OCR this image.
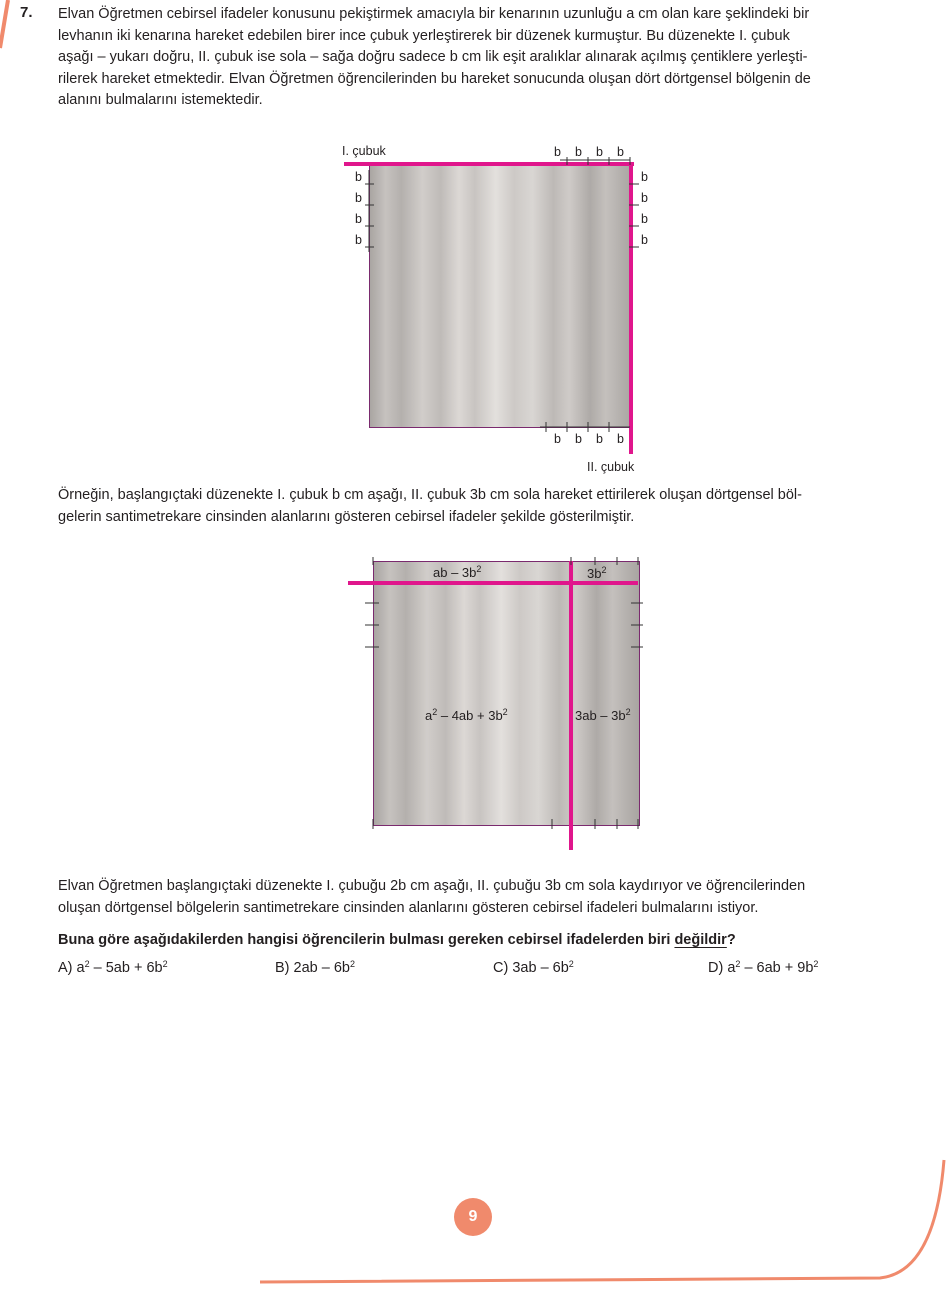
7. Elvan Öğretmen cebirsel ifadeler konusunu pekiştirmek amacıyla bir kenarının uzunluğu a cm olan kare şeklindeki bir
levhanın iki kenarına hareket edebilen birer ince çubuk yerleştirerek bir düzenek kurmuştur. Bu düzenekte I. çubuk
aşağı – yukarı doğru, II. çubuk ise sola – sağa doğru sadece b cm lik eşit aralıklar alınarak açılmış çentiklere yerleşti-
rilerek hareket etmektedir. Elvan Öğretmen öğrencilerinden bu hareket sonucunda oluşan dört dörtgensel bölgenin de
alanını bulmalarını istemektedir.
I. çubuk
II. çubuk
b b b b
b
b
b
b
b
b
b
b
b b b b
Örneğin, başlangıçtaki düzenekte I. çubuk b cm aşağı, II. çubuk 3b cm sola hareket ettirilerek oluşan dörtgensel böl-
gelerin santimetrekare cinsinden alanlarını gösteren cebirsel ifadeler şekilde gösterilmiştir.
ab – $3b^2$	$3b^2$
$a^2 - 4ab + 3b^2$	$3ab - 3b^2$
Elvan Öğretmen başlangıçtaki düzenekte I. çubuğu 2b cm aşağı, II. çubuğu 3b cm sola kaydırıyor ve öğrencilerinden
oluşan dörtgensel bölgelerin santimetrekare cinsinden alanlarını gösteren cebirsel ifadeleri bulmalarını istiyor.
Buna göre aşağıdakilerden hangisi öğrencilerin bulması gereken cebirsel ifadelerden biri değildir?
A) $a^2 - 5ab + 6b^2$	B) $2ab - 6b^2$	C) $3ab - 6b^2$	D) $a^2 - 6ab + 9b^2$
9
